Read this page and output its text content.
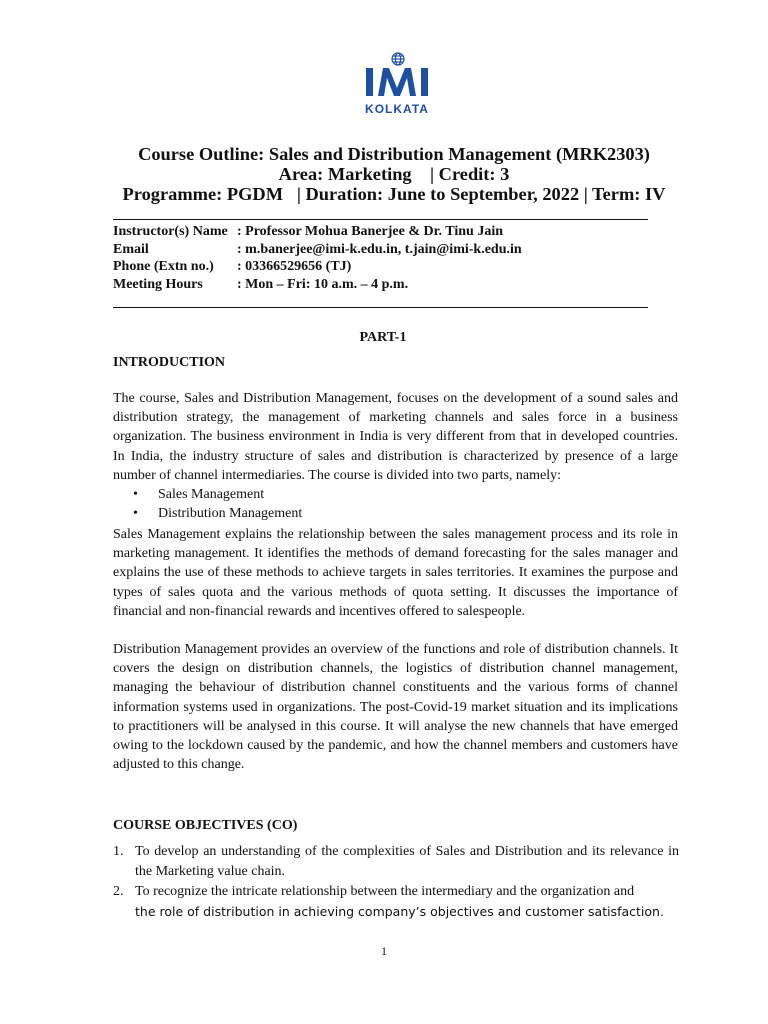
KOLKATA
Course Outline: Sales and Distribution Management (MRK2303)
Area: Marketing    | Credit: 3
Programme: PGDM   | Duration: June to September, 2022 | Term: IV
Instructor(s) Name : Professor Mohua Banerjee & Dr. Tinu Jain
Email	: m.banerjee@imi-k.edu.in, t.jain@imi-k.edu.in
Phone (Extn no.)	: 03366529656 (TJ)
Meeting Hours	: Mon – Fri: 10 a.m. – 4 p.m.
PART-1
INTRODUCTION

The course, Sales and Distribution Management, focuses on the development of a sound sales and distribution strategy, the management of marketing channels and sales force in a business organization. The business environment in India is very different from that in developed countries. In India, the industry structure of sales and distribution is characterized by presence of a large number of channel intermediaries. The course is divided into two parts, namely:

•	Sales Management
•	Distribution Management

Sales Management explains the relationship between the sales management process and its role in marketing management. It identifies the methods of demand forecasting for the sales manager and explains the use of these methods to achieve targets in sales territories. It examines the purpose and types of sales quota and the various methods of quota setting. It discusses the importance of financial and non-financial rewards and incentives offered to salespeople.

Distribution Management provides an overview of the functions and role of distribution channels. It covers the design on distribution channels, the logistics of distribution channel management, managing the behaviour of distribution channel constituents and the various forms of channel information systems used in organizations. The post-Covid-19 market situation and its implications to practitioners will be analysed in this course. It will analyse the new channels that have emerged owing to the lockdown caused by the pandemic, and how the channel members and customers have adjusted to this change.

COURSE OBJECTIVES (CO)
1. To develop an understanding of the complexities of Sales and Distribution and its relevance in the Marketing value chain.
2. To recognize the intricate relationship between the intermediary and the organization and
the role of distribution in achieving company’s objectives and customer satisfaction.
1
